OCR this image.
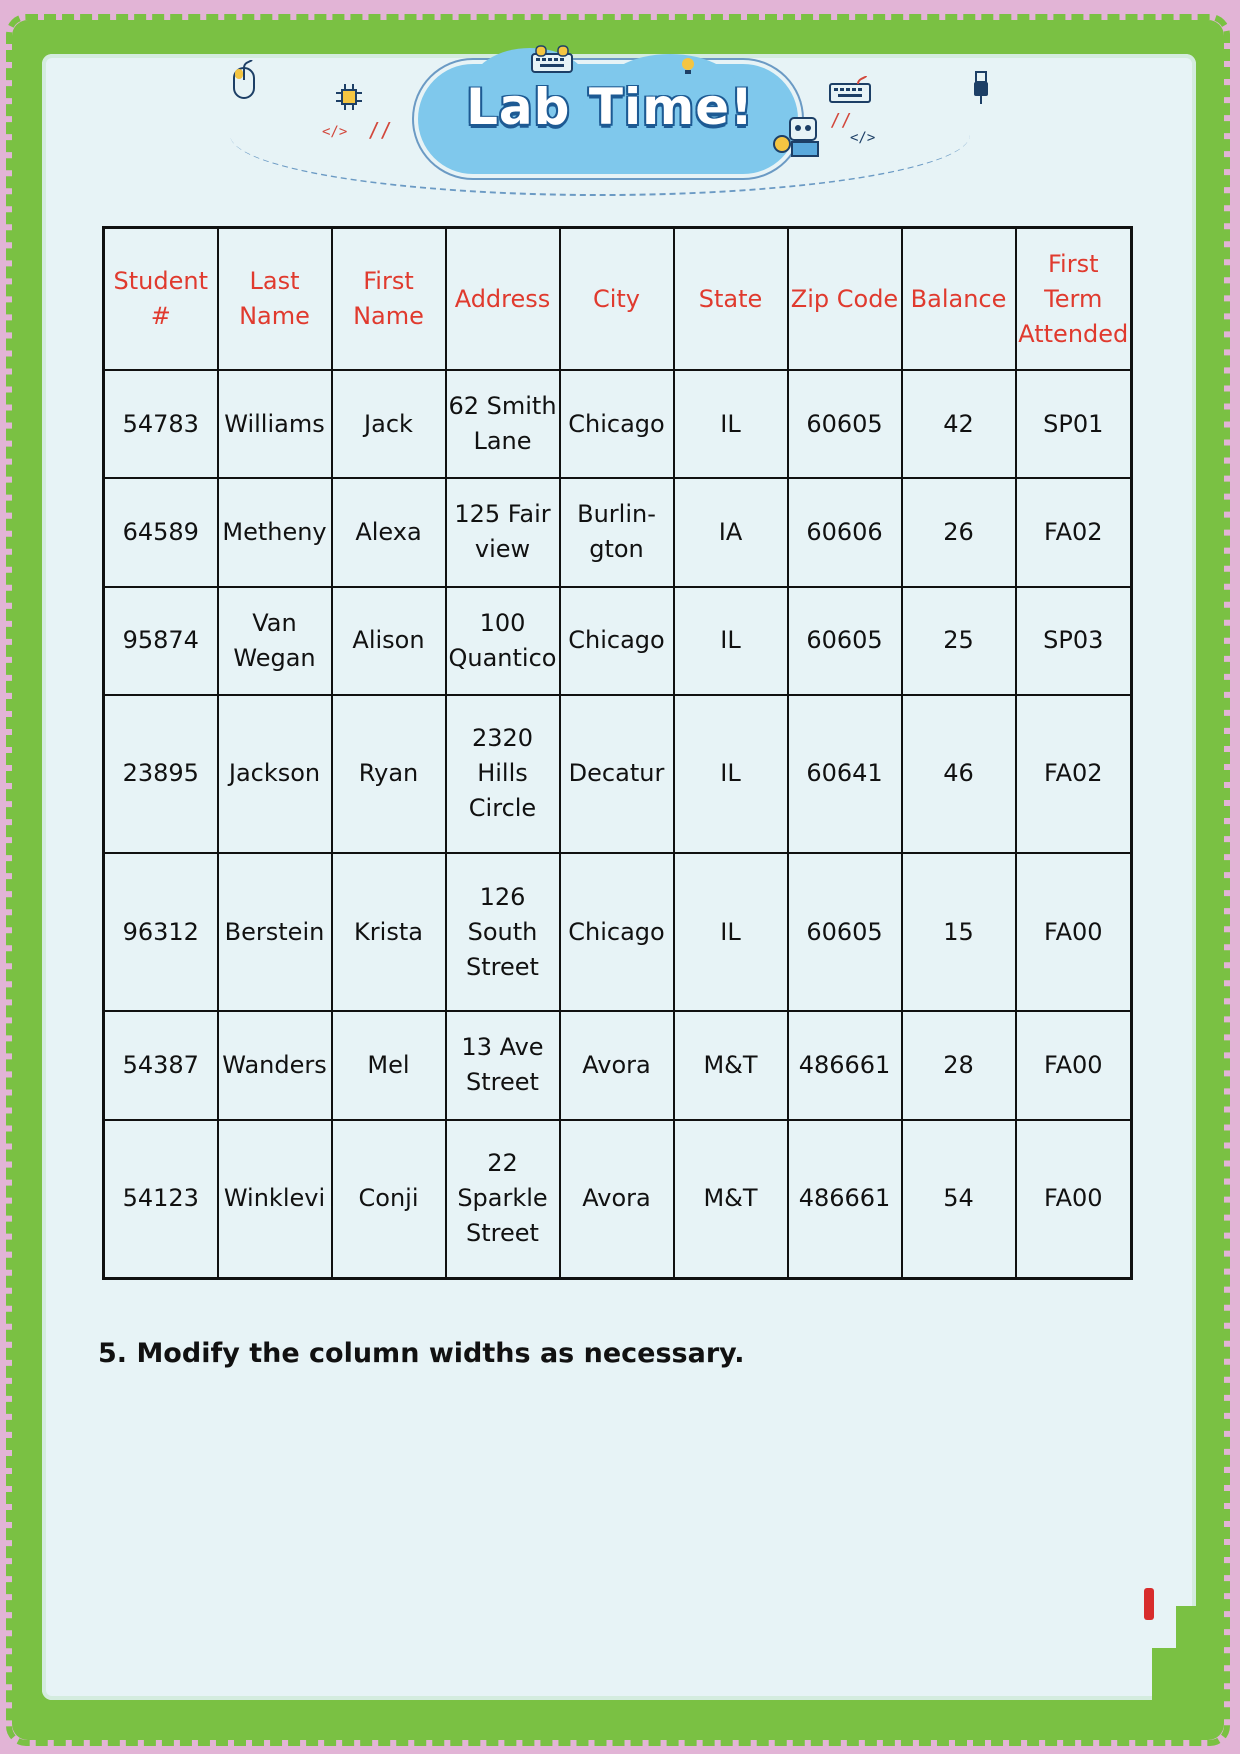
</> //	Lab Time!	//
</>
Student #	Last Name	First Name	Address	City	State	Zip Code	Balance	First Term Attended
54783	Williams	Jack	62 Smith Lane	Chicago	IL	60605	42	SP01
64589	Metheny	Alexa	125 Fair view	Burlin-gton	IA	60606	26	FA02
95874	Van Wegan	Alison	100 Quantico	Chicago	IL	60605	25	SP03
23895	Jackson	Ryan	2320 Hills Circle	Decatur	IL	60641	46	FA02
96312	Berstein	Krista	126 South Street	Chicago	IL	60605	15	FA00
54387	Wanders	Mel	13 Ave Street	Avora	M&T	486661	28	FA00
54123	Winklevi	Conji	22 Sparkle Street	Avora	M&T	486661	54	FA00
5. Modify the column widths as necessary.
